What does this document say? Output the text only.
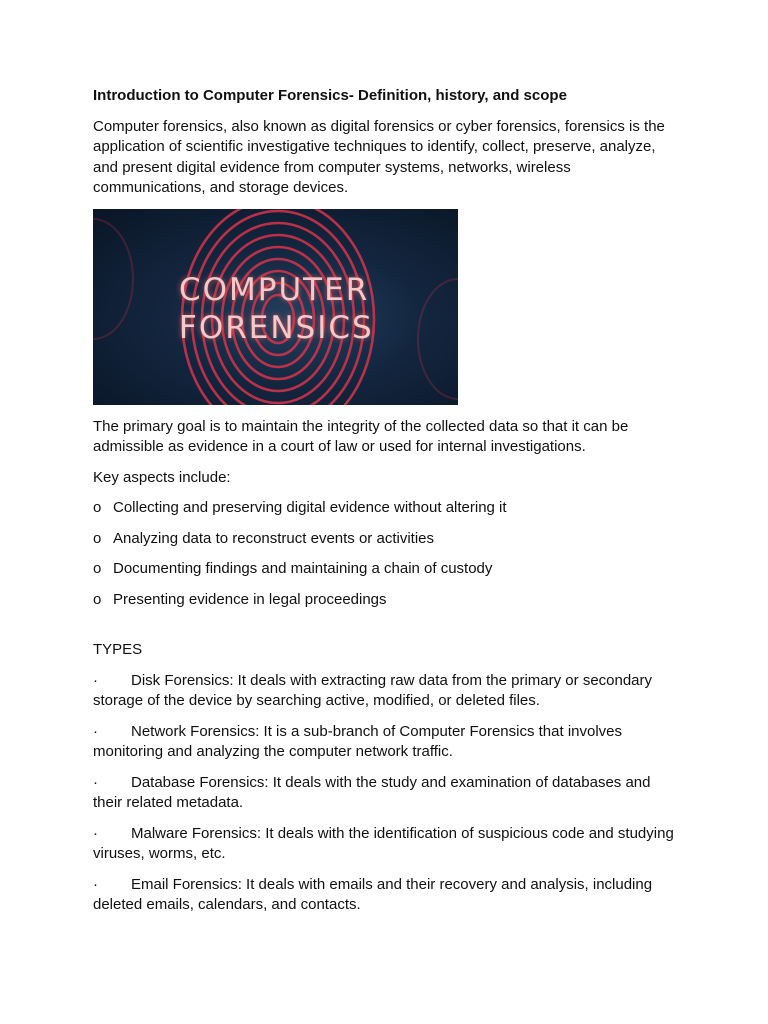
Introduction to Computer Forensics- Definition, history, and scope

Computer forensics, also known as digital forensics or cyber forensics, forensics is the application of scientific investigative techniques to identify, collect, preserve, analyze, and present digital evidence from computer systems, networks, wireless communications, and storage devices.

COMPUTER
FORENSICS

The primary goal is to maintain the integrity of the collected data so that it can be admissible as evidence in a court of law or used for internal investigations.

Key aspects include:

o Collecting and preserving digital evidence without altering it
o Analyzing data to reconstruct events or activities
o Documenting findings and maintaining a chain of custody
o Presenting evidence in legal proceedings

TYPES

· Disk Forensics: It deals with extracting raw data from the primary or secondary storage of the device by searching active, modified, or deleted files.

· Network Forensics: It is a sub-branch of Computer Forensics that involves monitoring and analyzing the computer network traffic.

· Database Forensics: It deals with the study and examination of databases and their related metadata.

· Malware Forensics: It deals with the identification of suspicious code and studying viruses, worms, etc.

· Email Forensics: It deals with emails and their recovery and analysis, including deleted emails, calendars, and contacts.
